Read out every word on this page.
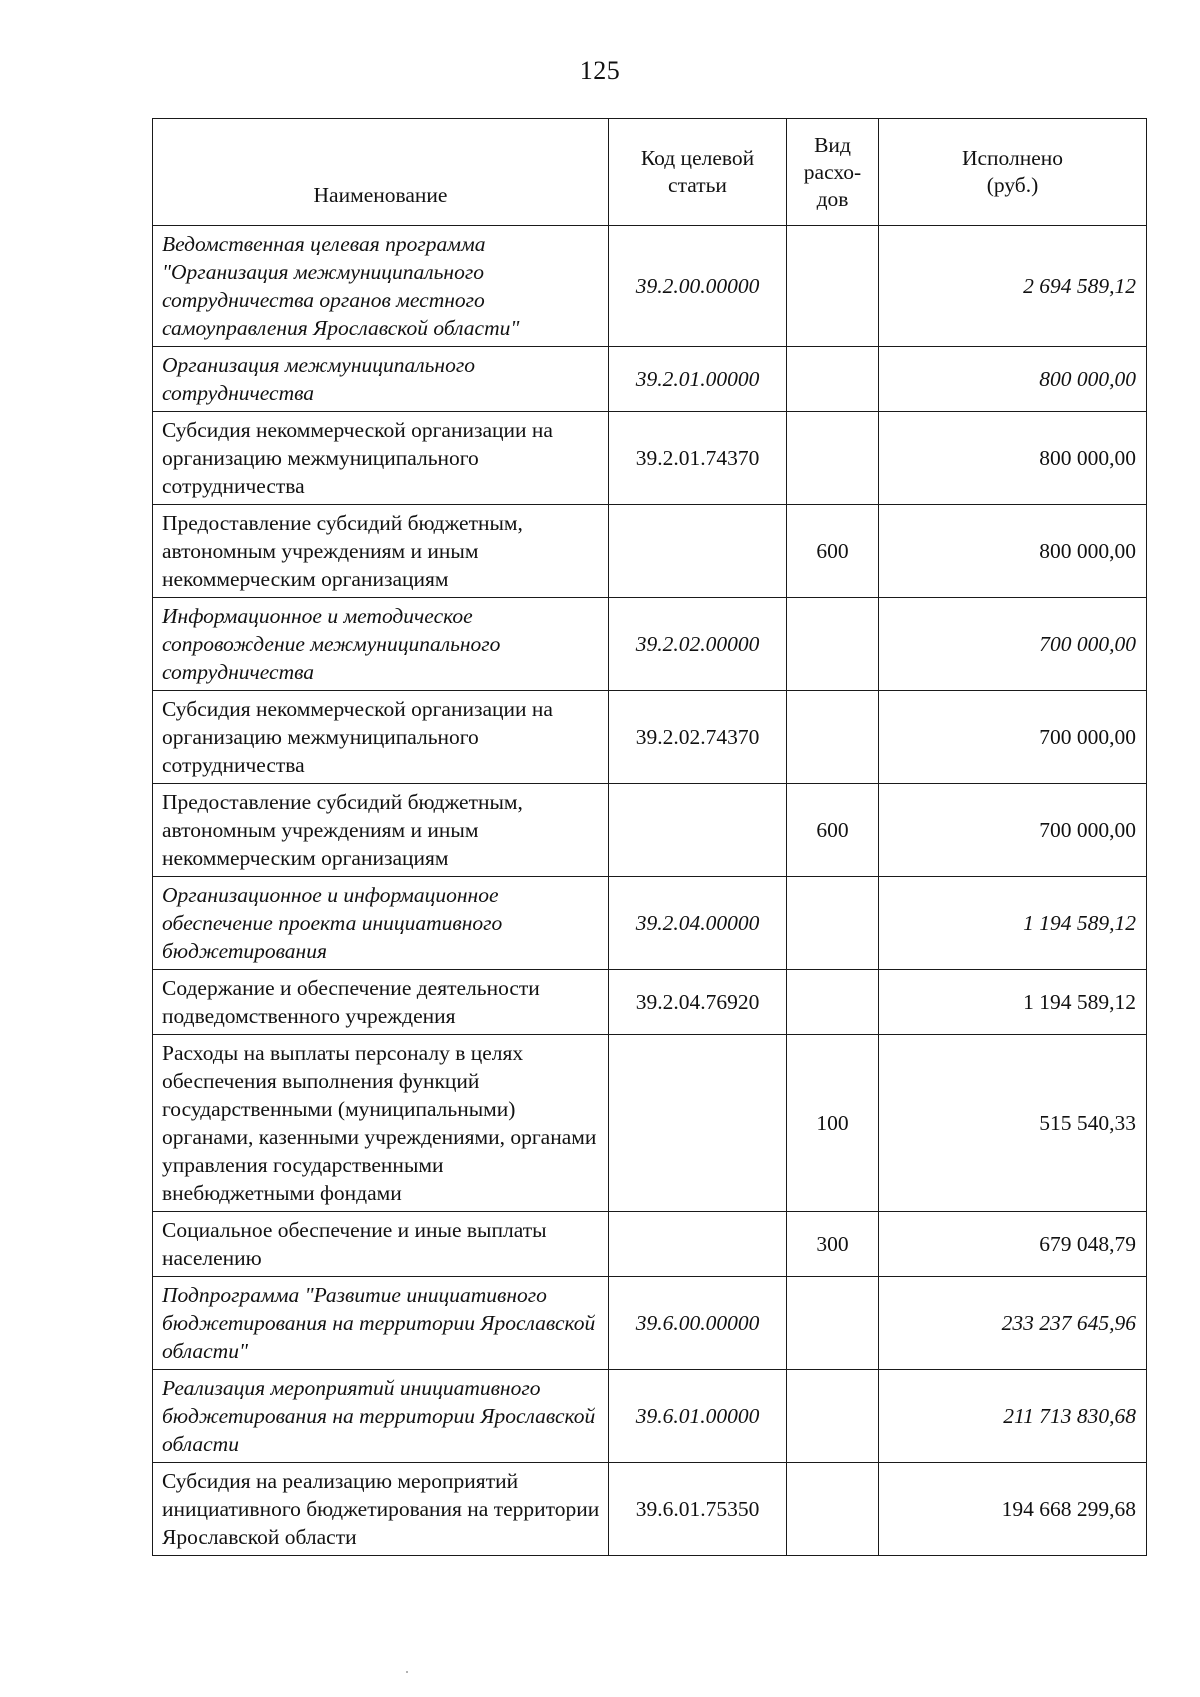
125
Наименование	Код целевой статьи	Вид расхо- дов	Исполнено (руб.)
Ведомственная целевая программа "Организация межмуниципального сотрудничества органов местного самоуправления Ярославской области"	39.2.00.00000		2 694 589,12
Организация межмуниципального сотрудничества	39.2.01.00000		800 000,00
Субсидия некоммерческой организации на организацию межмуниципального сотрудничества	39.2.01.74370		800 000,00
Предоставление субсидий бюджетным, автономным учреждениям и иным некоммерческим организациям		600	800 000,00
Информационное и методическое сопровождение межмуниципального сотрудничества	39.2.02.00000		700 000,00
Субсидия некоммерческой организации на организацию межмуниципального сотрудничества	39.2.02.74370		700 000,00
Предоставление субсидий бюджетным, автономным учреждениям и иным некоммерческим организациям		600	700 000,00
Организационное и информационное обеспечение проекта инициативного бюджетирования	39.2.04.00000		1 194 589,12
Содержание и обеспечение деятельности подведомственного учреждения	39.2.04.76920		1 194 589,12
Расходы на выплаты персоналу в целях обеспечения выполнения функций государственными (муниципальными) органами, казенными учреждениями, органами управления государственными внебюджетными фондами		100	515 540,33
Социальное обеспечение и иные выплаты населению		300	679 048,79
Подпрограмма "Развитие инициативного бюджетирования на территории Ярославской области"	39.6.00.00000		233 237 645,96
Реализация мероприятий инициативного бюджетирования на территории Ярославской области	39.6.01.00000		211 713 830,68
Субсидия на реализацию мероприятий инициативного бюджетирования на территории Ярославской области	39.6.01.75350		194 668 299,68
